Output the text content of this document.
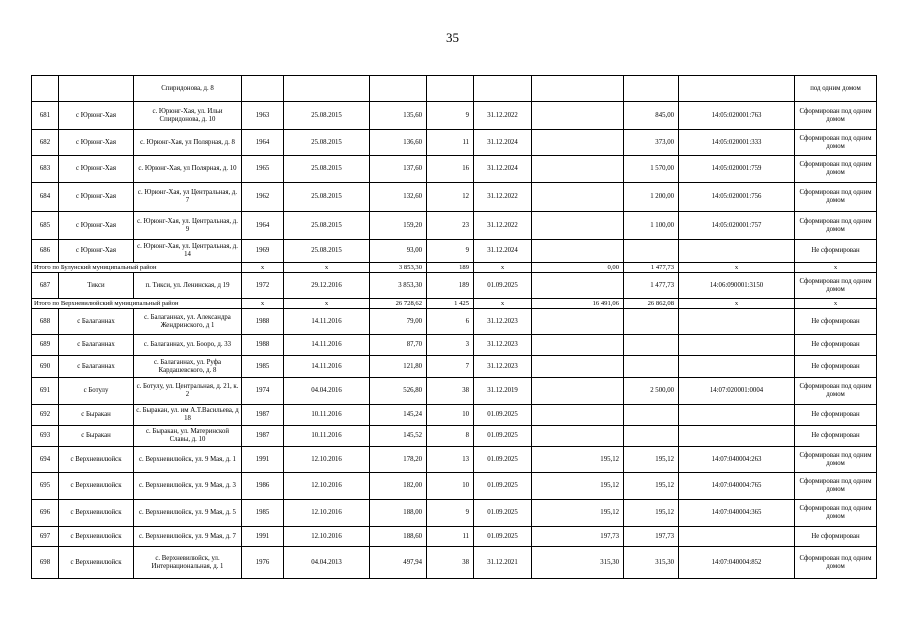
35
		Спиридонова, д. 8									под одним домом
681	с Юрюнг-Хая	с. Юрюнг-Хая, ул. Ильи Спиридонова, д. 10	1963	25.08.2015	135,60	9	31.12.2022		845,00	14:05:020001:763	Сформирован под одним домом
682	с Юрюнг-Хая	с. Юрюнг-Хая, ул Полярная, д. 8	1964	25.08.2015	136,60	11	31.12.2024		373,00	14:05:020001:333	Сформирован под одним домом
683	с Юрюнг-Хая	с. Юрюнг-Хая, ул Полярная, д. 10	1965	25.08.2015	137,60	16	31.12.2024		1 570,00	14:05:020001:759	Сформирован под одним домом
684	с Юрюнг-Хая	с. Юрюнг-Хая, ул Центральная, д. 7	1962	25.08.2015	132,60	12	31.12.2022		1 200,00	14:05:020001:756	Сформирован под одним домом
685	с Юрюнг-Хая	с. Юрюнг-Хая, ул. Центральная, д. 9	1964	25.08.2015	159,20	23	31.12.2022		1 100,00	14:05:020001:757	Сформирован под одним домом
686	с Юрюнг-Хая	с. Юрюнг-Хая, ул. Центральная, д. 14	1969	25.08.2015	93,00	9	31.12.2024				Не сформирован
Итого по Булунский муниципальный район			x	x	3 853,30	189	x	0,00	1 477,73	x	x
687	Тикси	п. Тикси, ул. Ленинская, д 19	1972	29.12.2016	3 853,30	189	01.09.2025		1 477,73	14:06:090001:3150	Сформирован под одним домом
Итого по Верхневилюйский муниципальный район			x	x	26 728,62	1 425	x	16 491,06	26 862,08	x	x
688	с Балаганнах	с. Балаганнах, ул. Александра Жендринского, д 1	1988	14.11.2016	79,00	6	31.12.2023				Не сформирован
689	с Балаганнах	с. Балаганнах, ул. Бооро, д. 33	1988	14.11.2016	87,70	3	31.12.2023				Не сформирован
690	с Балаганнах	с. Балаганнах, ул. Руфа Кардашевского, д. 8	1985	14.11.2016	121,80	7	31.12.2023				Не сформирован
691	с Ботулу	с. Ботулу, ул. Центральная, д. 21, к. 2	1974	04.04.2016	526,80	38	31.12.2019		2 500,00	14:07:020001:0004	Сформирован под одним домом
692	с Быракан	с. Быракан, ул. им А.Т.Васильева, д 18	1987	10.11.2016	145,24	10	01.09.2025				Не сформирован
693	с Быракан	с. Быракан, ул. Материнской Славы, д. 10	1987	10.11.2016	145,52	8	01.09.2025				Не сформирован
694	с Верхневилюйск	с. Верхневилюйск, ул. 9 Мая, д. 1	1991	12.10.2016	178,20	13	01.09.2025	195,12	195,12	14:07:040004:263	Сформирован под одним домом
695	с Верхневилюйск	с. Верхневилюйск, ул. 9 Мая, д. 3	1986	12.10.2016	182,00	10	01.09.2025	195,12	195,12	14:07:040004:765	Сформирован под одним домом
696	с Верхневилюйск	с. Верхневилюйск, ул. 9 Мая, д. 5	1985	12.10.2016	188,00	9	01.09.2025	195,12	195,12	14:07:040004:365	Сформирован под одним домом
697	с Верхневилюйск	с. Верхневилюйск, ул. 9 Мая, д. 7	1991	12.10.2016	188,60	11	01.09.2025	197,73	197,73		Не сформирован
698	с Верхневилюйск	с. Верхневилюйск, ул. Интернациональная, д. 1	1976	04.04.2013	497,94	38	31.12.2021	315,30	315,30	14:07:040004:852	Сформирован под одним домом
